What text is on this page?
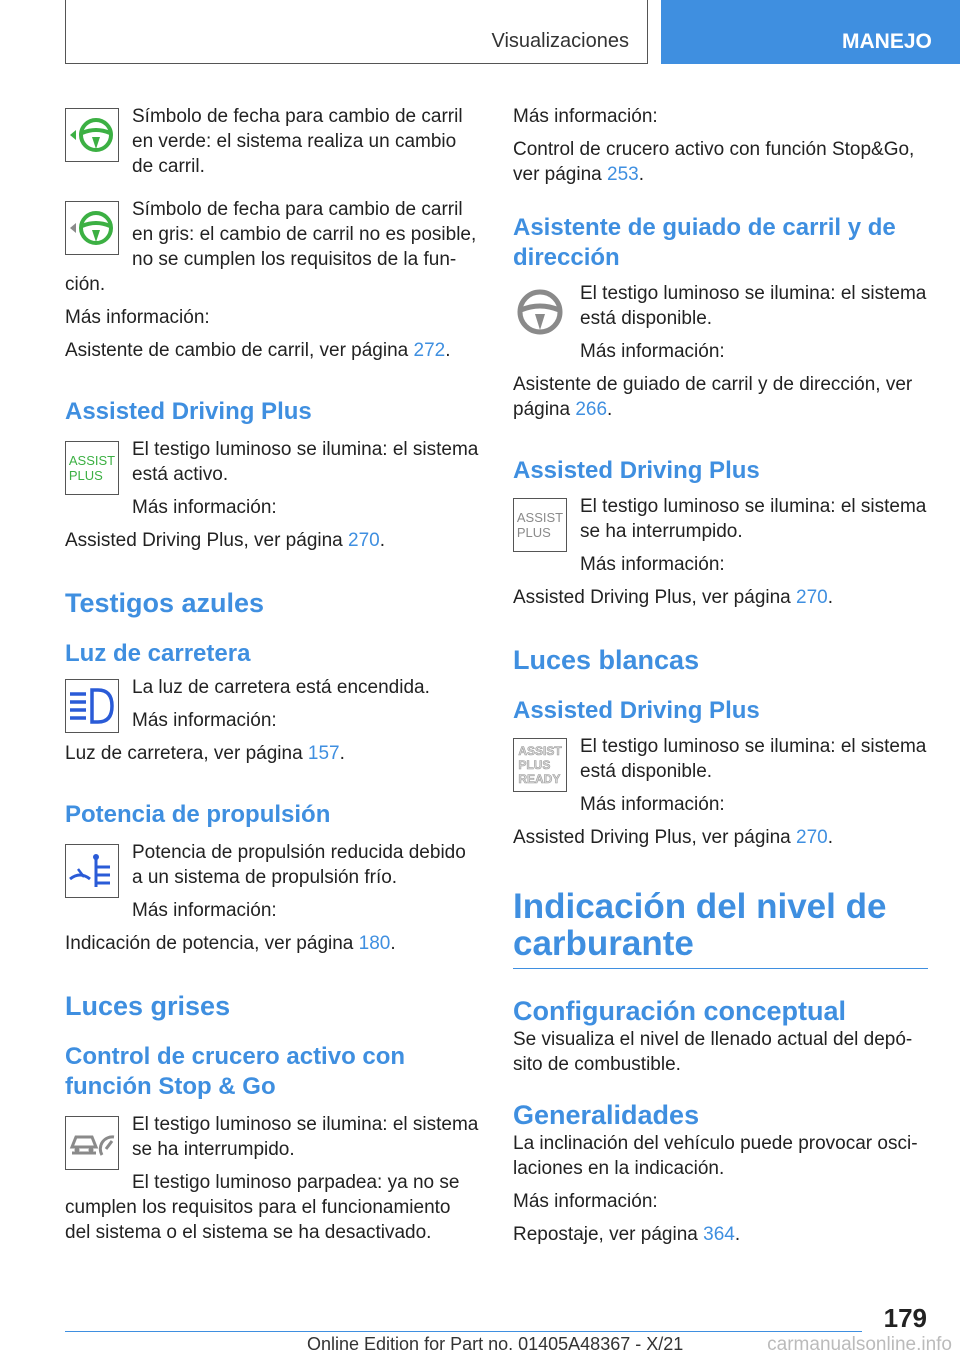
Visualizaciones	MANEJO

Símbolo de fecha para cambio de carril en verde: el sistema realiza un cambio de carril.

Símbolo de fecha para cambio de carril en gris: el cambio de carril no es posible, no se cumplen los requisitos de la fun-ción.

Más información:

Asistente de cambio de carril, ver página 272.

Assisted Driving Plus
ASSIST
PLUS

El testigo luminoso se ilumina: el sistema está activo.

Más información:

Assisted Driving Plus, ver página 270.

Testigos azules
Luz de carretera

La luz de carretera está encendida.

Más información:

Luz de carretera, ver página 157.

Potencia de propulsión

Potencia de propulsión reducida debido a un sistema de propulsión frío.

Más información:

Indicación de potencia, ver página 180.

Luces grises
Control de crucero activo con función Stop & Go

El testigo luminoso se ilumina: el sistema se ha interrumpido.

El testigo luminoso parpadea: ya no se cumplen los requisitos para el funcionamiento del sistema o el sistema se ha desactivado.

Más información:

Control de crucero activo con función Stop&Go, ver página 253.

Asistente de guiado de carril y de dirección

El testigo luminoso se ilumina: el sistema está disponible.

Más información:

Asistente de guiado de carril y de dirección, ver página 266.

Assisted Driving Plus
ASSIST
PLUS

El testigo luminoso se ilumina: el sistema se ha interrumpido.

Más información:

Assisted Driving Plus, ver página 270.

Luces blancas
Assisted Driving Plus
ASSIST
PLUS
READY

El testigo luminoso se ilumina: el sistema está disponible.

Más información:

Assisted Driving Plus, ver página 270.

Indicación del nivel de carburante
Configuración conceptual

Se visualiza el nivel de llenado actual del depó-sito de combustible.

Generalidades

La inclinación del vehículo puede provocar osci-laciones en la indicación.

Más información:

Repostaje, ver página 364.

179
Online Edition for Part no. 01405A48367 - X/21	carmanualsonline.info
